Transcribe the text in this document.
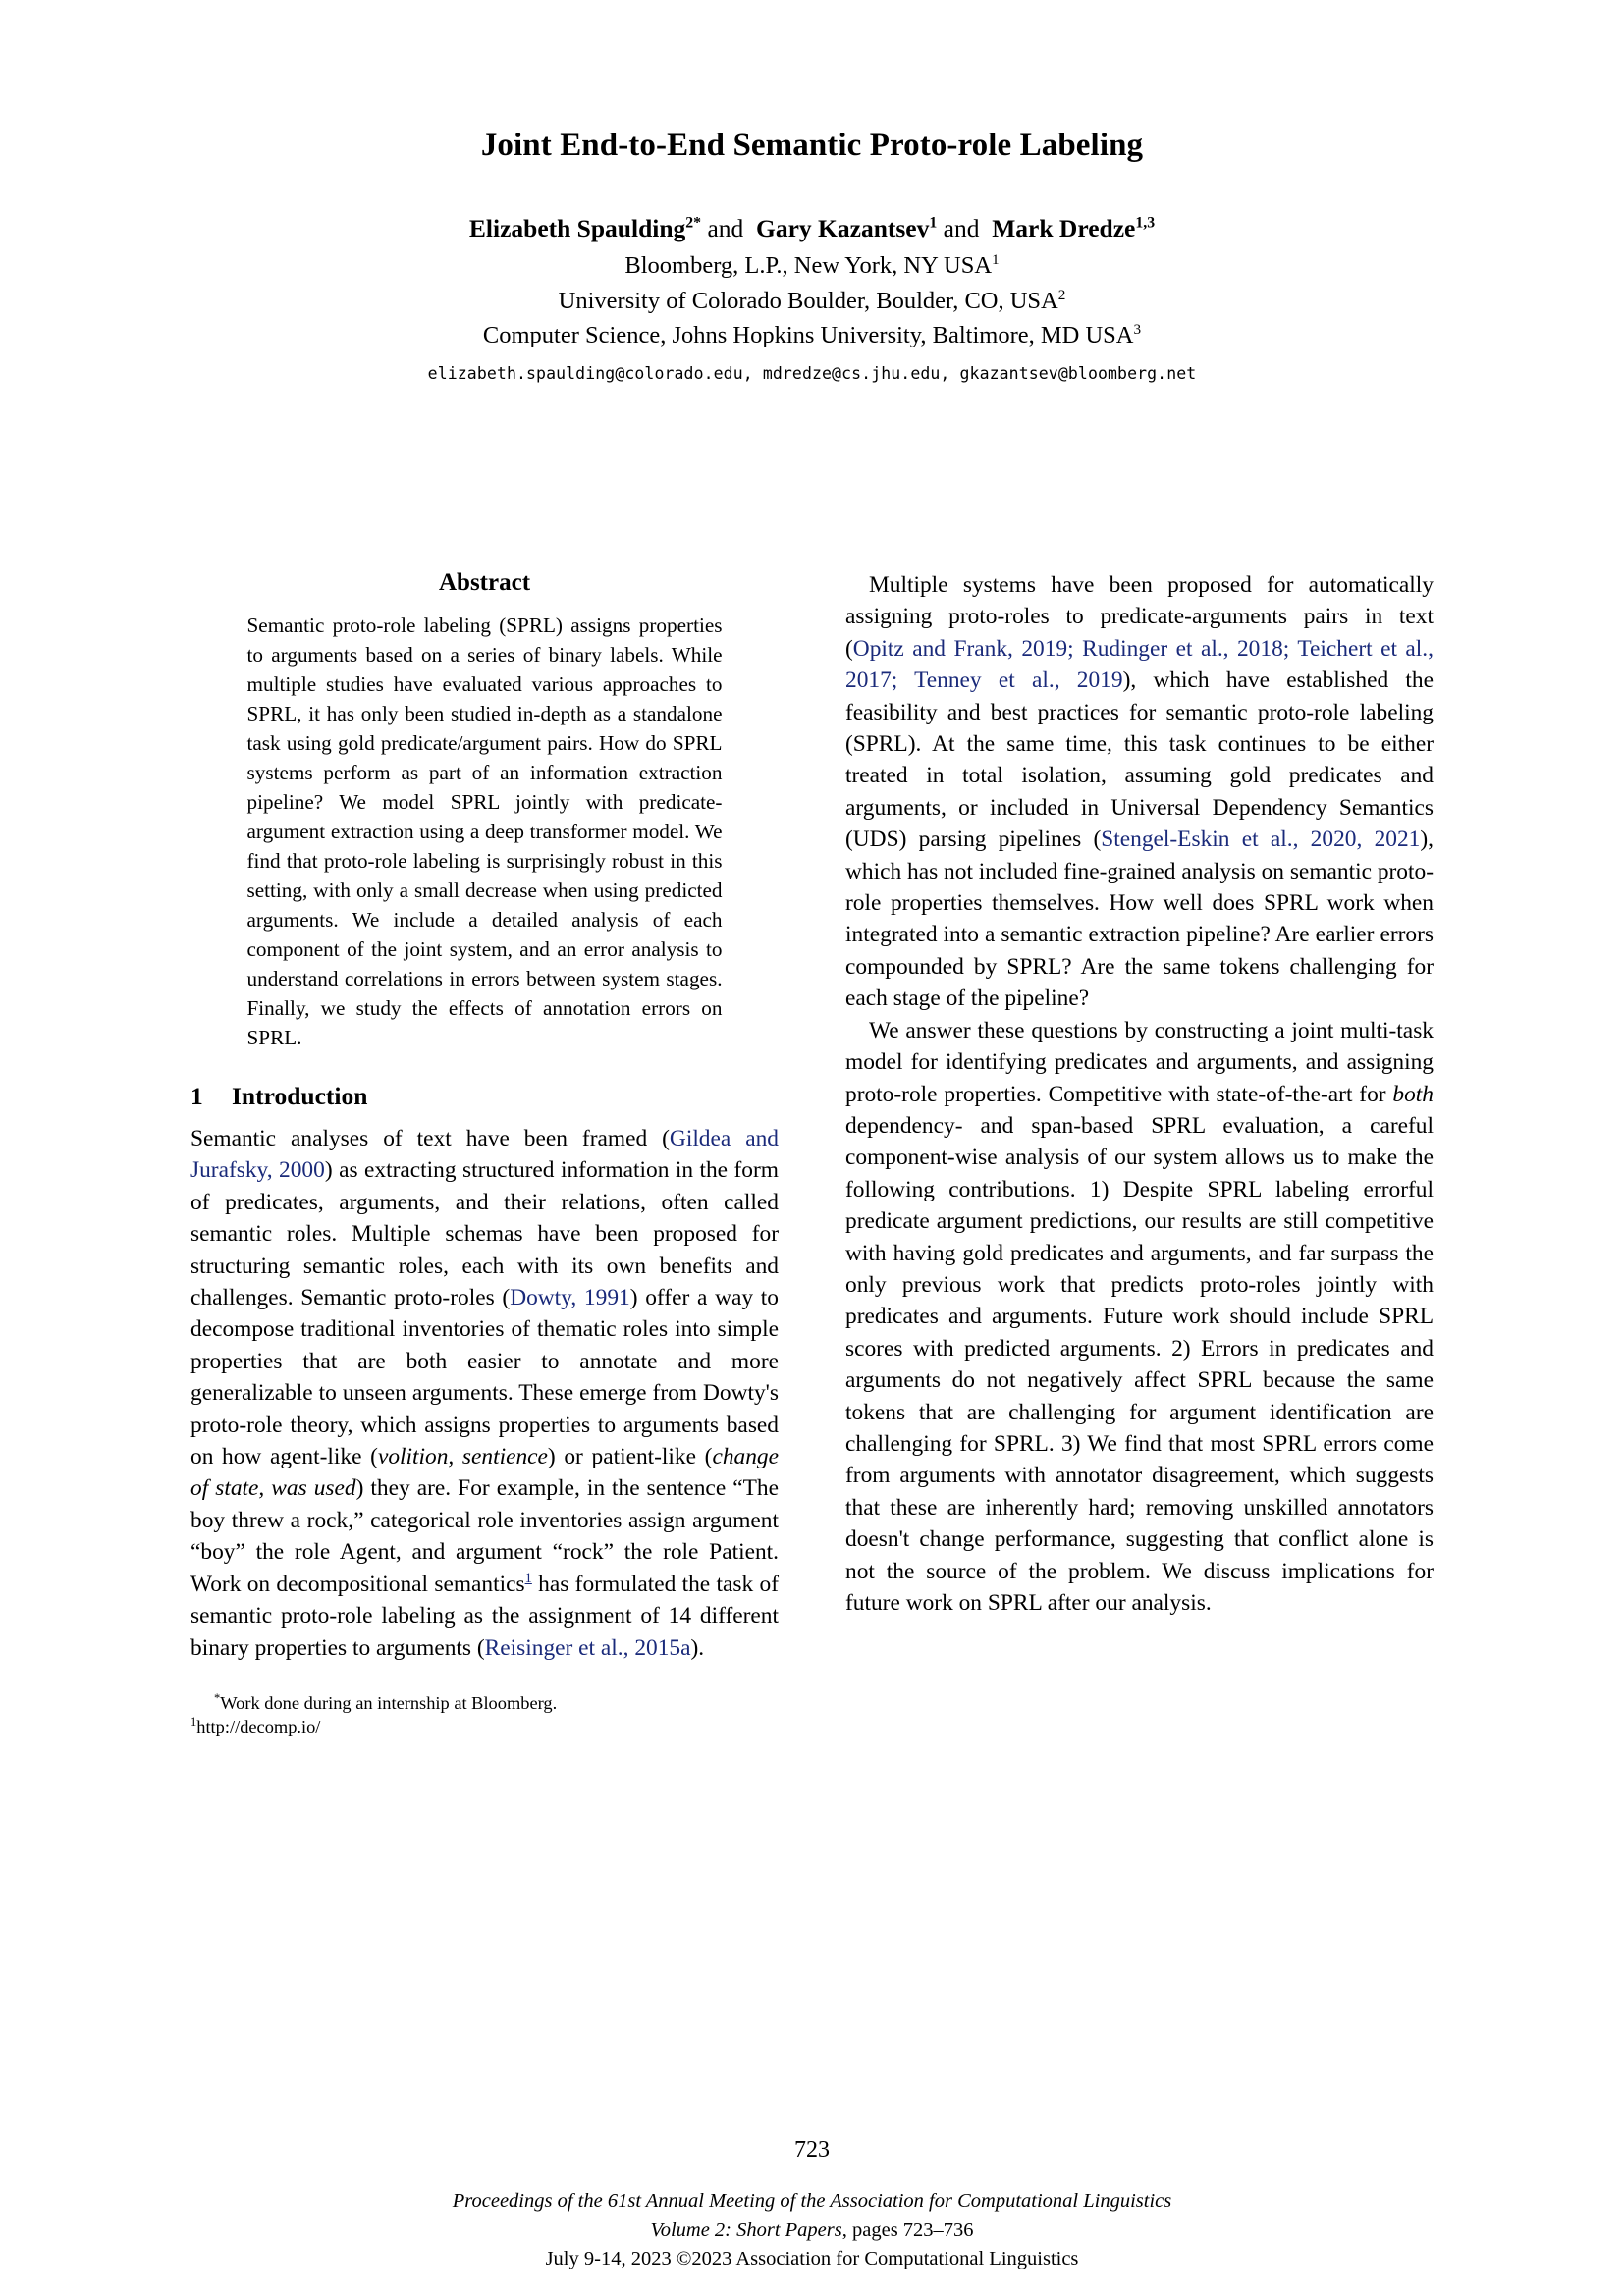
Joint End-to-End Semantic Proto-role Labeling
Elizabeth Spaulding$^{2*}$ and Gary Kazantsev$^1$ and Mark Dredze$^{1,3}$
Bloomberg, L.P., New York, NY USA$^1$
University of Colorado Boulder, Boulder, CO, USA$^2$
Computer Science, Johns Hopkins University, Baltimore, MD USA$^3$
elizabeth.spaulding@colorado.edu, mdredze@cs.jhu.edu, gkazantsev@bloomberg.net
Abstract
Semantic proto-role labeling (SPRL) assigns properties to arguments based on a series of binary labels. While multiple studies have evaluated various approaches to SPRL, it has only been studied in-depth as a standalone task using gold predicate/argument pairs. How do SPRL systems perform as part of an information extraction pipeline? We model SPRL jointly with predicate-argument extraction using a deep transformer model. We find that proto-role labeling is surprisingly robust in this setting, with only a small decrease when using predicted arguments. We include a detailed analysis of each component of the joint system, and an error analysis to understand correlations in errors between system stages. Finally, we study the effects of annotation errors on SPRL.
1	Introduction

Semantic analyses of text have been framed (Gildea and Jurafsky, 2000) as extracting structured information in the form of predicates, arguments, and their relations, often called semantic roles. Multiple schemas have been proposed for structuring semantic roles, each with its own benefits and challenges. Semantic proto-roles (Dowty, 1991) offer a way to decompose traditional inventories of thematic roles into simple properties that are both easier to annotate and more generalizable to unseen arguments. These emerge from Dowty's proto-role theory, which assigns properties to arguments based on how agent-like (volition, sentience) or patient-like (change of state, was used) they are. For example, in the sentence “The boy threw a rock,” categorical role inventories assign argument “boy” the role Agent, and argument “rock” the role Patient. Work on decompositional semantics$^1$ has formulated the task of semantic proto-role labeling as the assignment of 14 different binary properties to arguments (Reisinger et al., 2015a).

*Work done during an internship at Bloomberg.

$^1$http://decomp.io/

Multiple systems have been proposed for automatically assigning proto-roles to predicate-arguments pairs in text (Opitz and Frank, 2019; Rudinger et al., 2018; Teichert et al., 2017; Tenney et al., 2019), which have established the feasibility and best practices for semantic proto-role labeling (SPRL). At the same time, this task continues to be either treated in total isolation, assuming gold predicates and arguments, or included in Universal Dependency Semantics (UDS) parsing pipelines (Stengel-Eskin et al., 2020, 2021), which has not included fine-grained analysis on semantic proto-role properties themselves. How well does SPRL work when integrated into a semantic extraction pipeline? Are earlier errors compounded by SPRL? Are the same tokens challenging for each stage of the pipeline?

We answer these questions by constructing a joint multi-task model for identifying predicates and arguments, and assigning proto-role properties. Competitive with state-of-the-art for both dependency- and span-based SPRL evaluation, a careful component-wise analysis of our system allows us to make the following contributions. 1) Despite SPRL labeling errorful predicate argument predictions, our results are still competitive with having gold predicates and arguments, and far surpass the only previous work that predicts proto-roles jointly with predicates and arguments. Future work should include SPRL scores with predicted arguments. 2) Errors in predicates and arguments do not negatively affect SPRL because the same tokens that are challenging for argument identification are challenging for SPRL. 3) We find that most SPRL errors come from arguments with annotator disagreement, which suggests that these are inherently hard; removing unskilled annotators doesn't change performance, suggesting that conflict alone is not the source of the problem. We discuss implications for future work on SPRL after our analysis.

723
Proceedings of the 61st Annual Meeting of the Association for Computational Linguistics
Volume 2: Short Papers, pages 723–736
July 9-14, 2023 ©2023 Association for Computational Linguistics
